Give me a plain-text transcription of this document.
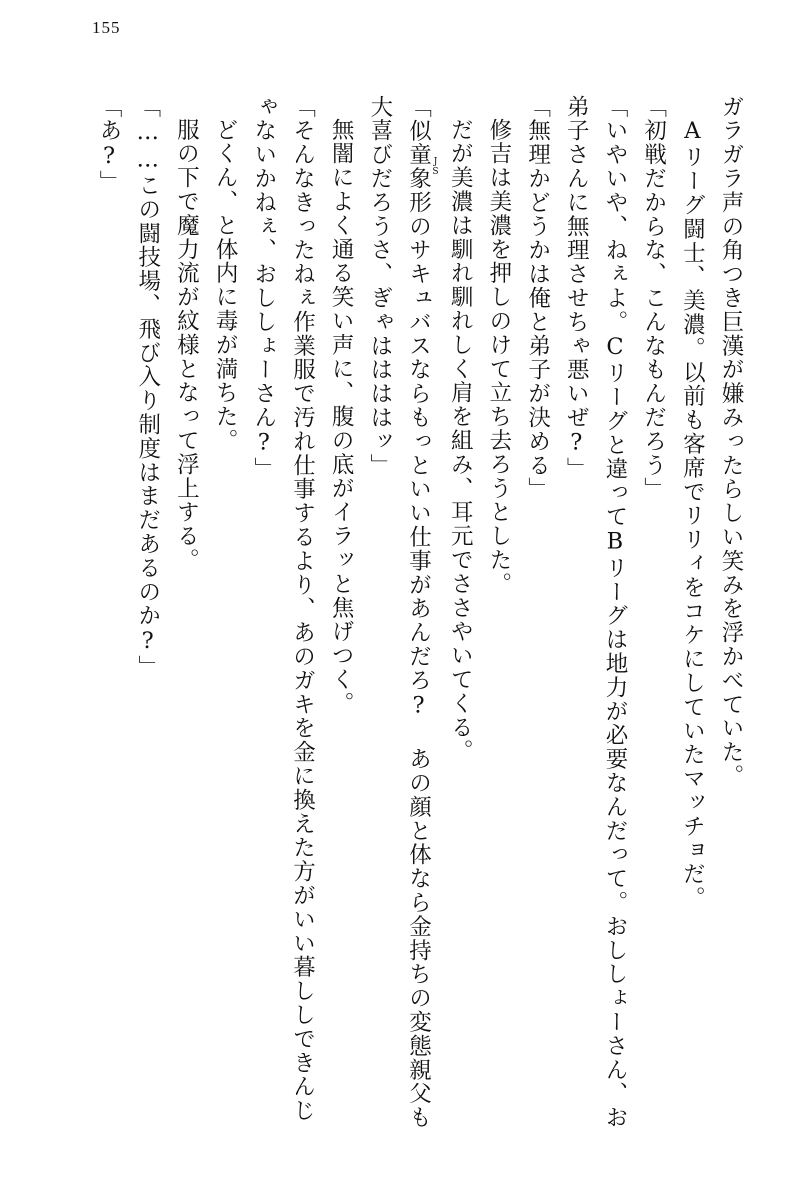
155

ガラガラ声の角つき巨漢が嫌みったらしい笑みを浮かべていた。

Aリーグ闘士、美濃。以前も客席でリリィをコケにしていたマッチョだ。

「初戦だからな、こんなもんだろう」

「いやいや、ねぇよ。Cリーグと違ってBリーグは地力が必要なんだって。おししょーさん、お弟子さんに無理させちゃ悪いぜ?」

「無理かどうかは俺と弟子が決める」

修吉は美濃を押しのけて立ち去ろうとした。

だが美濃は馴れ馴れしく肩を組み、耳元でささやいてくる。

「似童象形 JSのサキュバスならもっといい仕事があんだろ? あの顔と体なら金持ちの変態親父も大喜びだろうさ、ぎゃははははッ」

無闇によく通る笑い声に、腹の底がイラッと焦げつく。

「そんなきったねぇ作業服で汚れ仕事するより、あのガキを金に換えた方がいい暮ししできんじゃないかねぇ、おししょーさん?」

どくん、と体内に毒が満ちた。

服の下で魔力流が紋様となって浮上する。

「……この闘技場、飛び入り制度はまだあるのか?」

「あ?」
